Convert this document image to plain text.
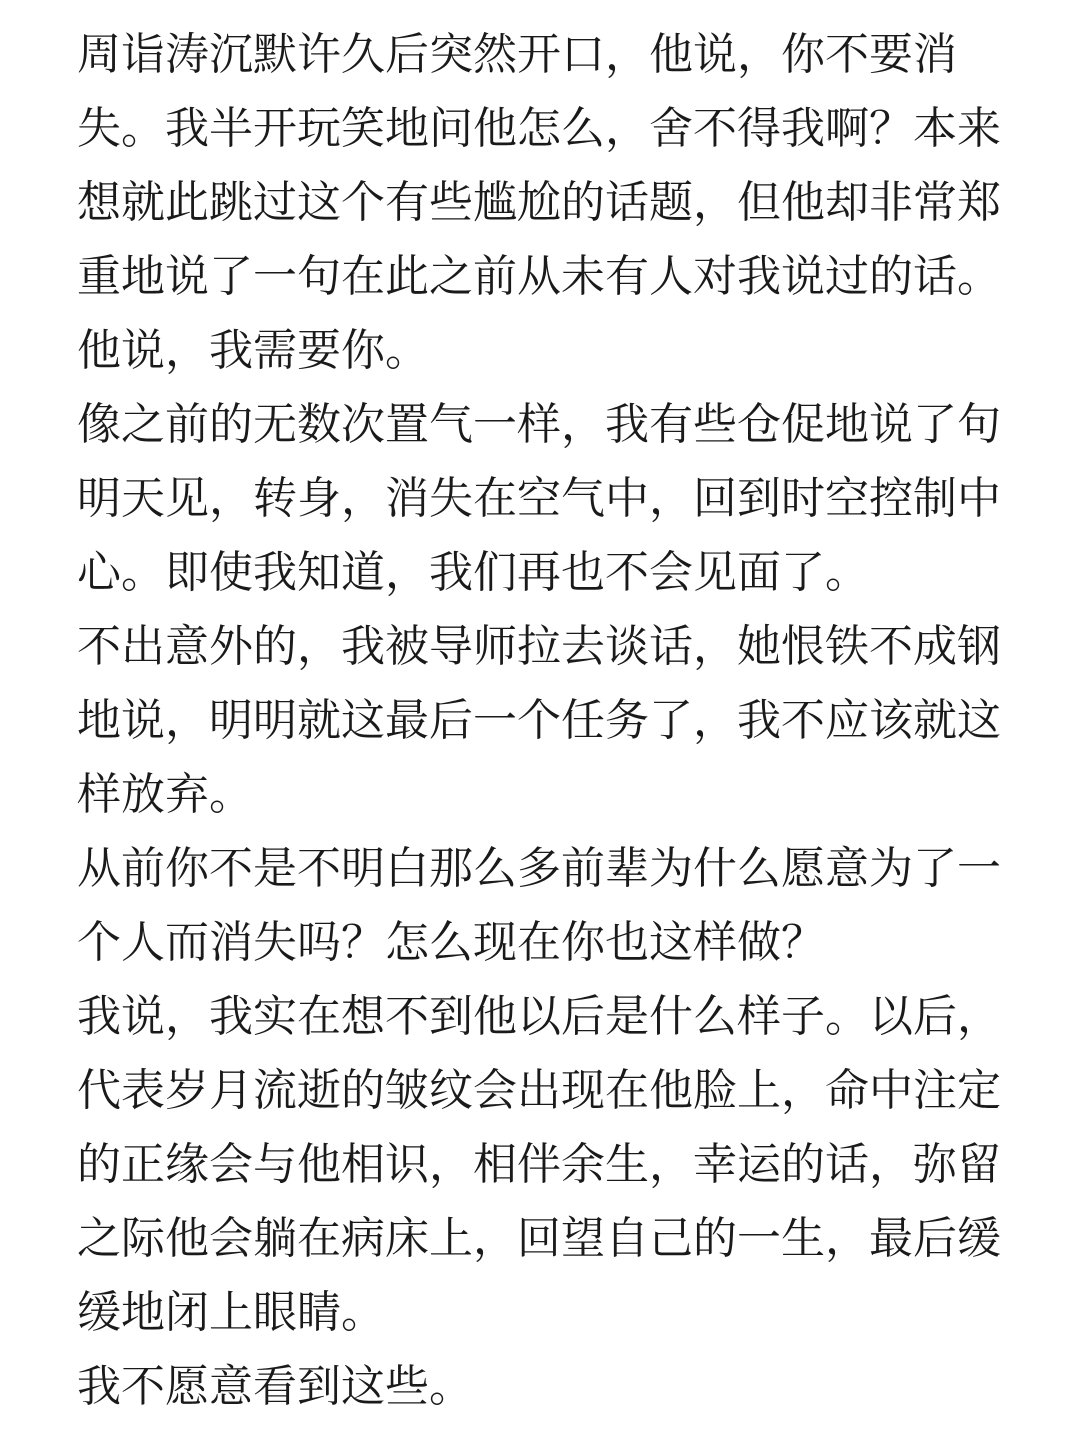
周诣涛沉默许久后突然开口，他说，你不要消
失。我半开玩笑地问他怎么，舍不得我啊？本来
想就此跳过这个有些尴尬的话题，但他却非常郑
重地说了一句在此之前从未有人对我说过的话。
他说，我需要你。
像之前的无数次置气一样，我有些仓促地说了句
明天见，转身，消失在空气中，回到时空控制中
心。即使我知道，我们再也不会见面了。
不出意外的，我被导师拉去谈话，她恨铁不成钢
地说，明明就这最后一个任务了，我不应该就这
样放弃。
从前你不是不明白那么多前辈为什么愿意为了一
个人而消失吗？怎么现在你也这样做？
我说，我实在想不到他以后是什么样子。以后，
代表岁月流逝的皱纹会出现在他脸上，命中注定
的正缘会与他相识，相伴余生，幸运的话，弥留
之际他会躺在病床上，回望自己的一生，最后缓
缓地闭上眼睛。
我不愿意看到这些。
